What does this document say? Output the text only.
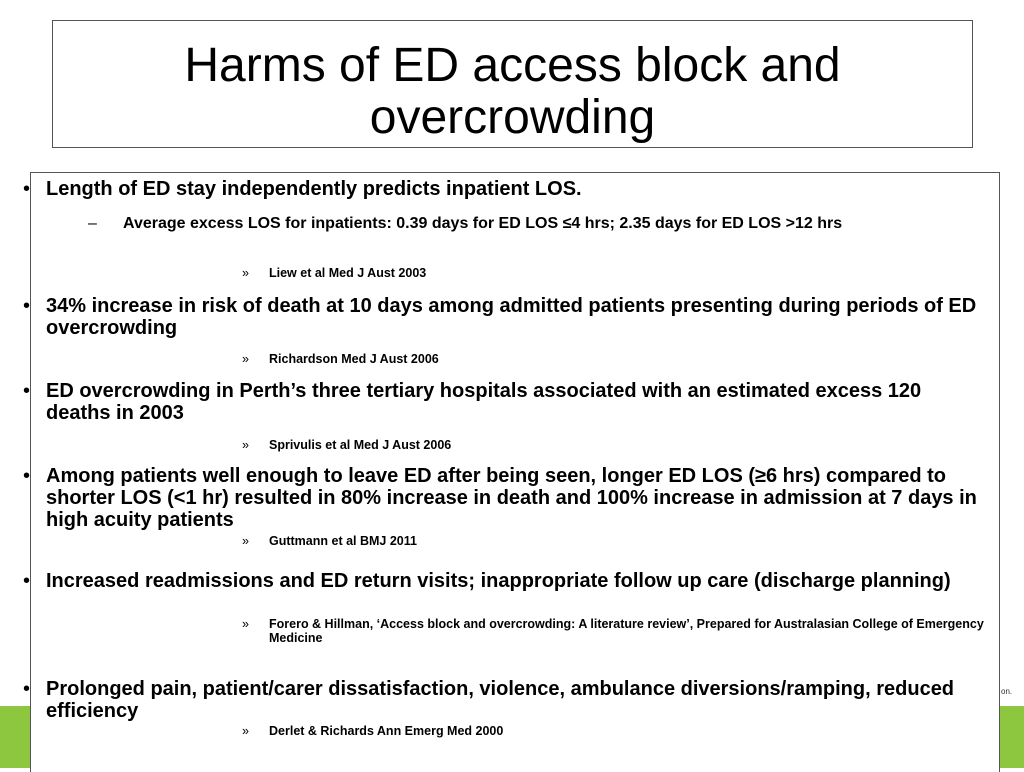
on.
Harms of ED access block and overcrowding
• Length of ED stay independently predicts inpatient LOS.
– Average excess LOS for inpatients: 0.39 days for ED LOS ≤4 hrs; 2.35 days for ED LOS >12 hrs
» Liew et al Med J Aust 2003
• 34% increase in risk of death at 10 days among admitted patients presenting during periods of ED overcrowding
» Richardson Med J Aust 2006
• ED overcrowding in Perth’s three tertiary hospitals associated with an estimated excess 120 deaths in 2003
» Sprivulis et al Med J Aust 2006
• Among patients well enough to leave ED after being seen, longer ED LOS (≥6 hrs) compared to shorter LOS (<1 hr) resulted in 80% increase in death and 100% increase in admission at 7 days in high acuity patients
» Guttmann et al BMJ 2011
• Increased readmissions and ED return visits; inappropriate follow up care (discharge planning)
» Forero & Hillman, ‘Access block and overcrowding: A literature review’, Prepared for Australasian College of Emergency Medicine
• Prolonged pain, patient/carer dissatisfaction, violence, ambulance diversions/ramping, reduced efficiency
» Derlet & Richards Ann Emerg Med 2000
